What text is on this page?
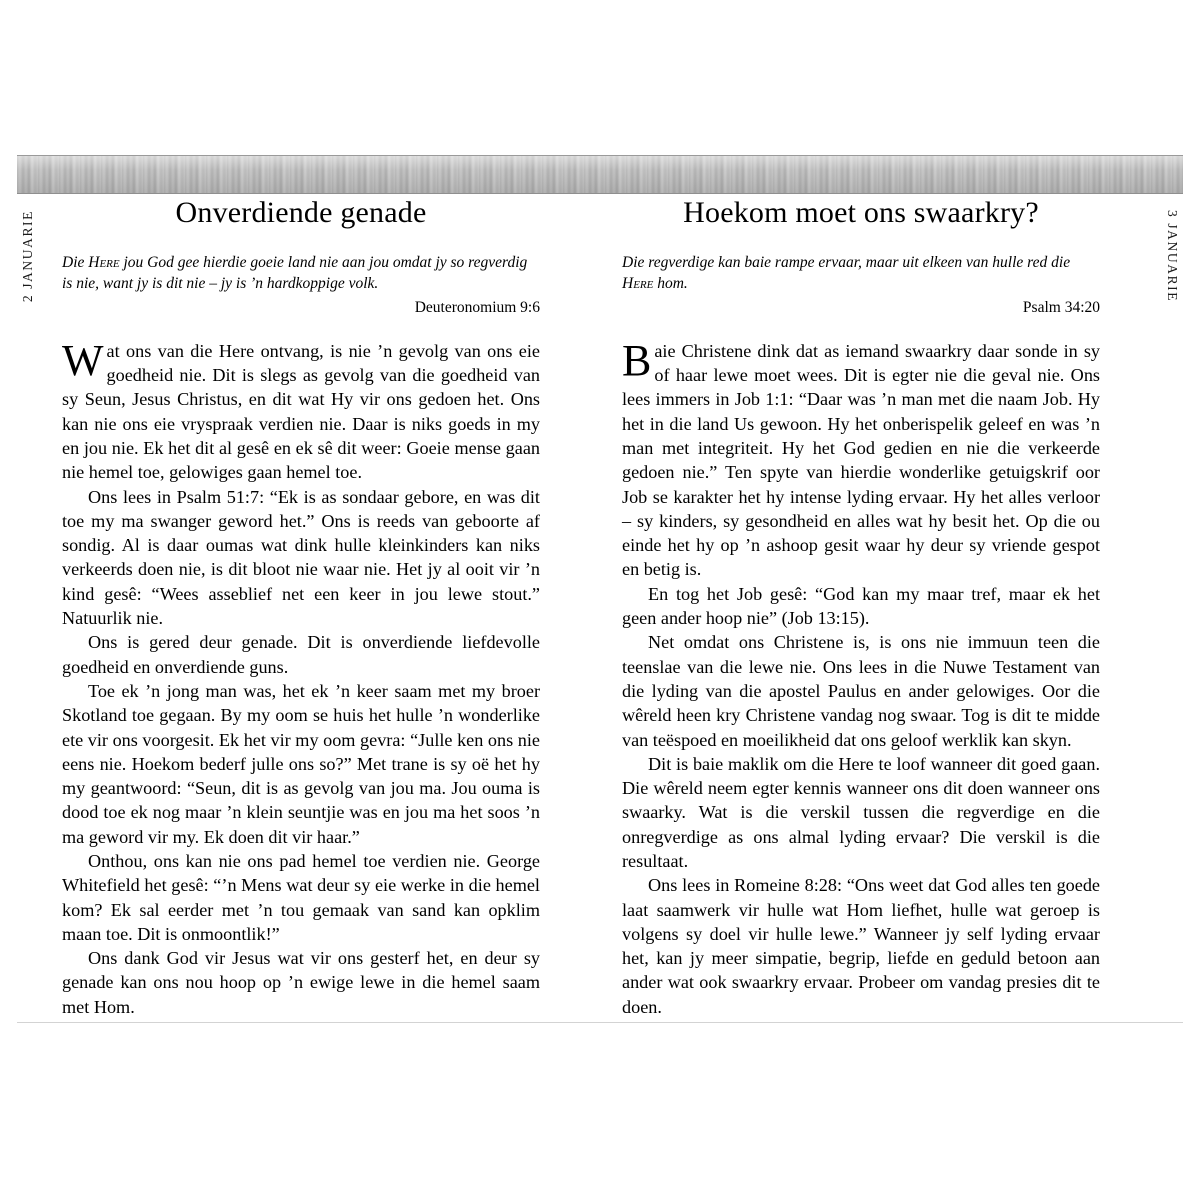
2 JANUARIE	Onverdiende genade

Die Here jou God gee hierdie goeie land nie aan jou omdat jy so regverdig is nie, want jy is dit nie – jy is ’n hardkoppige volk.

Deuteronomium 9:6

Wat ons van die Here ontvang, is nie ’n gevolg van ons eie goedheid nie. Dit is slegs as gevolg van die goedheid van sy Seun, Jesus Christus, en dit wat Hy vir ons gedoen het. Ons kan nie ons eie vryspraak verdien nie. Daar is niks goeds in my en jou nie. Ek het dit al gesê en ek sê dit weer: Goeie mense gaan nie hemel toe, gelowiges gaan hemel toe.

Ons lees in Psalm 51:7: “Ek is as sondaar gebore, en was dit toe my ma swanger geword het.” Ons is reeds van geboorte af sondig. Al is daar oumas wat dink hulle kleinkinders kan niks verkeerds doen nie, is dit bloot nie waar nie. Het jy al ooit vir ’n kind gesê: “Wees asseblief net een keer in jou lewe stout.” Natuurlik nie.

Ons is gered deur genade. Dit is onverdiende liefdevolle goedheid en onverdiende guns.

Toe ek ’n jong man was, het ek ’n keer saam met my broer Skotland toe gegaan. By my oom se huis het hulle ’n wonderlike ete vir ons voorgesit. Ek het vir my oom gevra: “Julle ken ons nie eens nie. Hoekom bederf julle ons so?” Met trane is sy oë het hy my geantwoord: “Seun, dit is as gevolg van jou ma. Jou ouma is dood toe ek nog maar ’n klein seuntjie was en jou ma het soos ’n ma geword vir my. Ek doen dit vir haar.”

Onthou, ons kan nie ons pad hemel toe verdien nie. George Whitefield het gesê: “’n Mens wat deur sy eie werke in die hemel kom? Ek sal eerder met ’n tou gemaak van sand kan opklim maan toe. Dit is onmoontlik!”

Ons dank God vir Jesus wat vir ons gesterf het, en deur sy genade kan ons nou hoop op ’n ewige lewe in die hemel saam met Hom.

3 JANUARIE
Hoekom moet ons swaarkry?

Die regverdige kan baie rampe ervaar, maar uit elkeen van hulle red die Here hom.

Psalm 34:20

Baie Christene dink dat as iemand swaarkry daar sonde in sy of haar lewe moet wees. Dit is egter nie die geval nie. Ons lees immers in Job 1:1: “Daar was ’n man met die naam Job. Hy het in die land Us gewoon. Hy het onberispelik geleef en was ’n man met integriteit. Hy het God gedien en nie die verkeerde gedoen nie.” Ten spyte van hierdie wonderlike getuigskrif oor Job se karakter het hy intense lyding ervaar. Hy het alles verloor – sy kinders, sy gesondheid en alles wat hy besit het. Op die ou einde het hy op ’n ashoop gesit waar hy deur sy vriende gespot en betig is.

En tog het Job gesê: “God kan my maar tref, maar ek het geen ander hoop nie” (Job 13:15).

Net omdat ons Christene is, is ons nie immuun teen die teenslae van die lewe nie. Ons lees in die Nuwe Testament van die lyding van die apostel Paulus en ander gelowiges. Oor die wêreld heen kry Christene vandag nog swaar. Tog is dit te midde van teëspoed en moeilikheid dat ons geloof werklik kan skyn.

Dit is baie maklik om die Here te loof wanneer dit goed gaan. Die wêreld neem egter kennis wanneer ons dit doen wanneer ons swaarky. Wat is die verskil tussen die regverdige en die onregverdige as ons almal lyding ervaar? Die verskil is die resultaat.

Ons lees in Romeine 8:28: “Ons weet dat God alles ten goede laat saamwerk vir hulle wat Hom liefhet, hulle wat geroep is volgens sy doel vir hulle lewe.” Wanneer jy self lyding ervaar het, kan jy meer simpatie, begrip, liefde en geduld betoon aan ander wat ook swaarkry ervaar. Probeer om vandag presies dit te doen.
